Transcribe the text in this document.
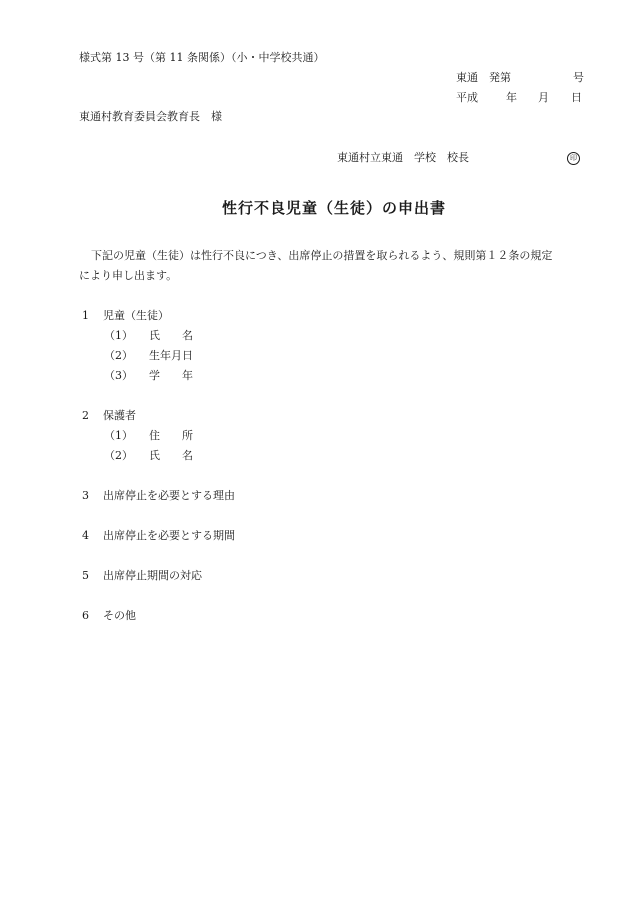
様式第 13 号（第 11 条関係）（小・中学校共通）
東通　発第	号
平成	年 月 日
東通村教育委員会教育長　様
東通村立東通　学校　校長	印
性行不良児童（生徒）の申出書
下記の児童（生徒）は性行不良につき、出席停止の措置を取られるよう、規則第１２条の規定
により申し出ます。
1 児童（生徒）
（1） 氏　　名
（2） 生年月日
（3） 学　　年
2 保護者
（1） 住　　所
（2） 氏　　名
3 出席停止を必要とする理由
4 出席停止を必要とする期間
5 出席停止期間の対応
6 その他
